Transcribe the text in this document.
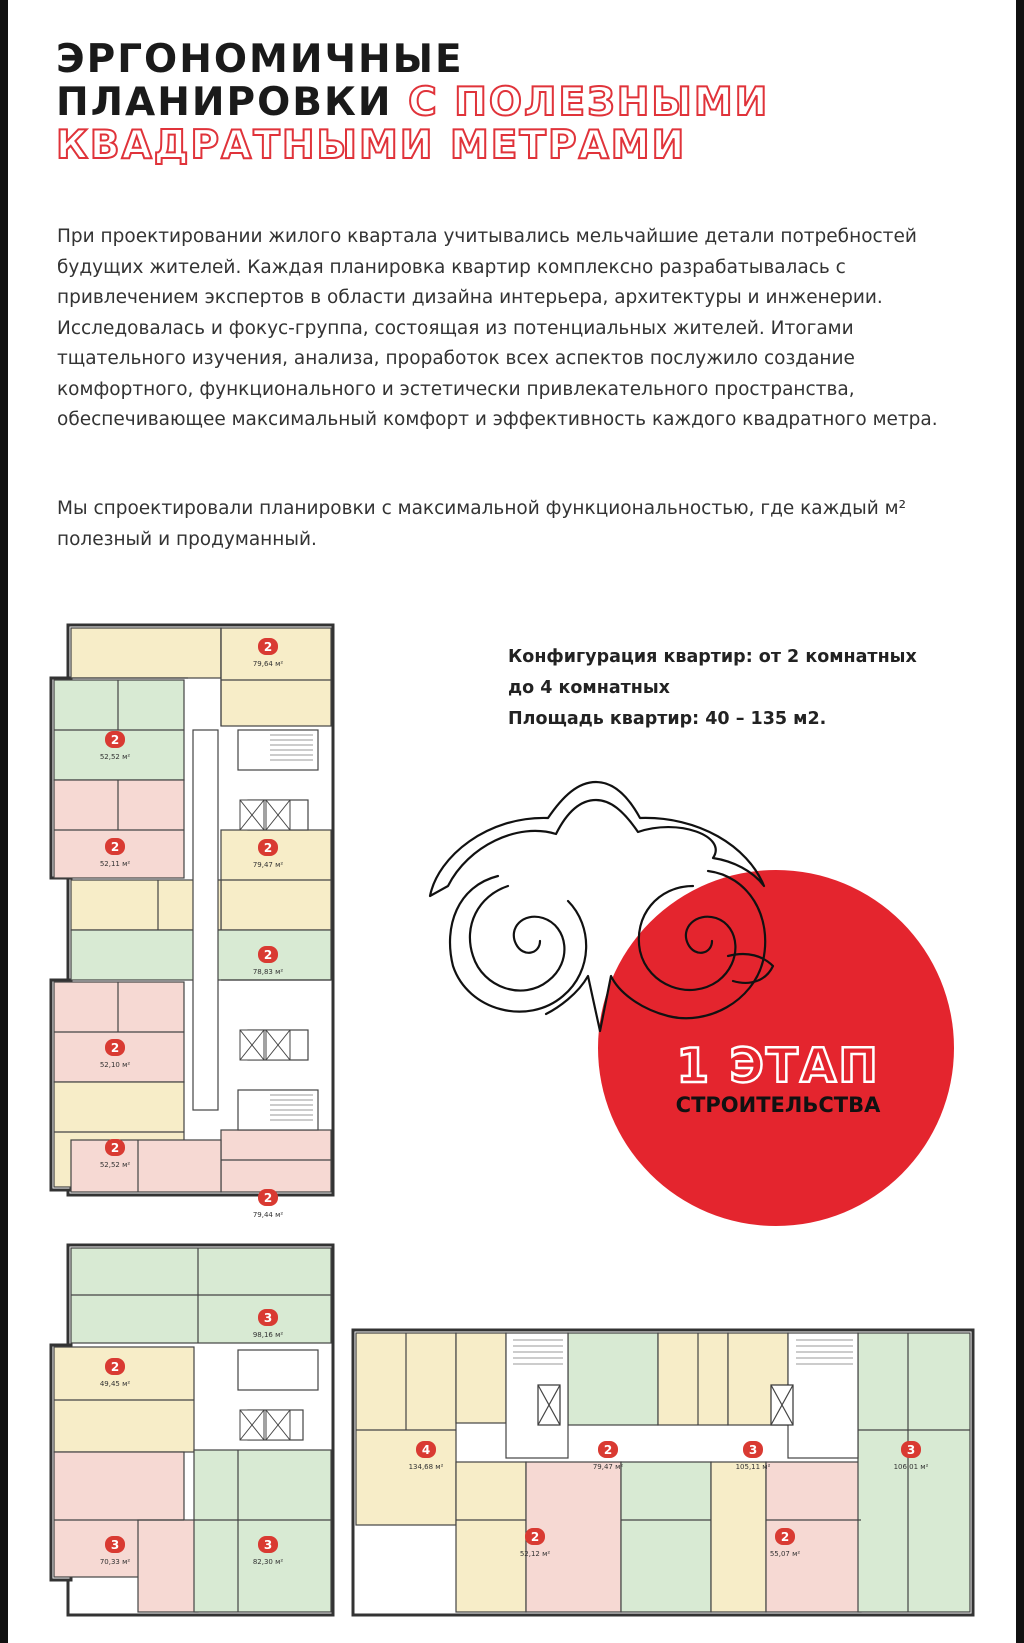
ЭРГОНОМИЧНЫЕ
ПЛАНИРОВКИ С ПОЛЕЗНЫМИ
КВАДРАТНЫМИ МЕТРАМИ

При проектировании жилого квартала учитывались мельчайшие детали потребностей будущих жителей. Каждая планировка квартир комплексно разрабатывалась с привлечением экспертов в области дизайна интерьера, архитектуры и инженерии. Исследовалась и фокус-группа, состоящая из потенциальных жителей. Итогами тщательного изучения, анализа, проработок всех аспектов послужило создание комфортного, функционального и эстетически привлекательного пространства, обеспечивающее максимальный комфорт и эффективность каждого квадратного метра.

Мы спроектировали планировки с максимальной функциональностью, где каждый м² полезный и продуманный.

Конфигурация квартир: от 2 комнатных
до 4 комнатных
Площадь квартир: 40 – 135 м2.
1 ЭТАП
СТРОИТЕЛЬСТВА
2
79,64 м²
2
52,52 м²
2
52,11 м²
2
79,47 м²
2
78,83 м²
2
52,10 м²
2
52,52 м²
2
79,44 м²
3
98,16 м²
2
49,45 м²
3
70,33 м²
3
82,30 м²
4
134,68 м²
2
79,47 м²
3
105,11 м²
3
106,01 м²
2
52,12 м²
2
55,07 м²
